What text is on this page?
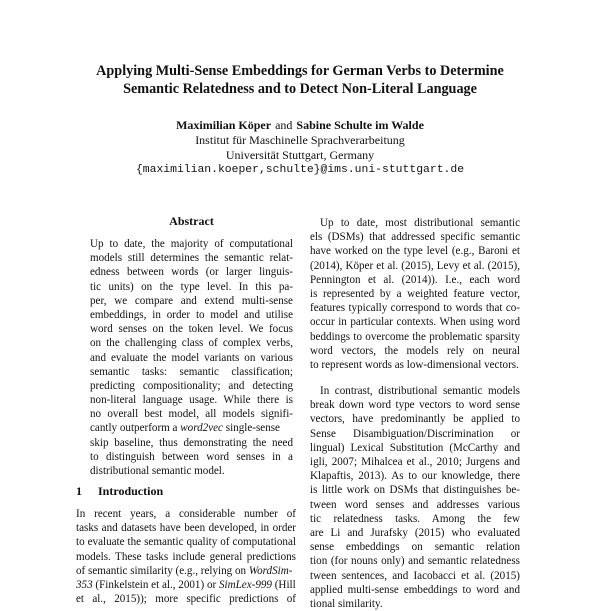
Applying Multi-Sense Embeddings for German Verbs to Determine
Semantic Relatedness and to Detect Non-Literal Language
Maximilian Köper and Sabine Schulte im Walde
Institut für Maschinelle Sprachverarbeitung
Universität Stuttgart, Germany
{maximilian.koeper,schulte}@ims.uni-stuttgart.de
Abstract
Up to date, the majority of computational
models still determines the semantic relat-
edness between words (or larger linguis-
tic units) on the type level. In this pa-
per, we compare and extend multi-sense
embeddings, in order to model and utilise
word senses on the token level. We focus
on the challenging class of complex verbs,
and evaluate the model variants on various
semantic tasks: semantic classification;
predicting compositionality; and detecting
non-literal language usage. While there is
no overall best model, all models signifi-
cantly outperform a word2vec single-sense
skip baseline, thus demonstrating the need
to distinguish between word senses in a
distributional semantic model.
1 Introduction
In recent years, a considerable number of
tasks and datasets have been developed, in order
to evaluate the semantic quality of computational
models. These tasks include general predictions
of semantic similarity (e.g., relying on WordSim-
353 (Finkelstein et al., 2001) or SimLex-999 (Hill
et al., 2015)); more specific predictions of
Up to date, most distributional semantic
els (DSMs) that addressed specific semantic
have worked on the type level (e.g., Baroni et
(2014), Köper et al. (2015), Levy et al. (2015),
Pennington et al. (2014)). I.e., each word
is represented by a weighted feature vector,
features typically correspond to words that co-
occur in particular contexts. When using word
beddings to overcome the problematic sparsity
word vectors, the models rely on neural
to represent words as low-dimensional vectors.
In contrast, distributional semantic models
break down word type vectors to word sense
vectors, have predominantly be applied to
Sense Disambiguation/Discrimination or
lingual) Lexical Substitution (McCarthy and
igli, 2007; Mihalcea et al., 2010; Jurgens and
Klapaftis, 2013). As to our knowledge, there
is little work on DSMs that distinguishes be-
tween word senses and addresses various
tic relatedness tasks. Among the few
are Li and Jurafsky (2015) who evaluated
sense embeddings on semantic relation
tion (for nouns only) and semantic relatedness
tween sentences, and Iacobacci et al. (2015)
applied multi-sense embeddings to word and
tional similarity.
